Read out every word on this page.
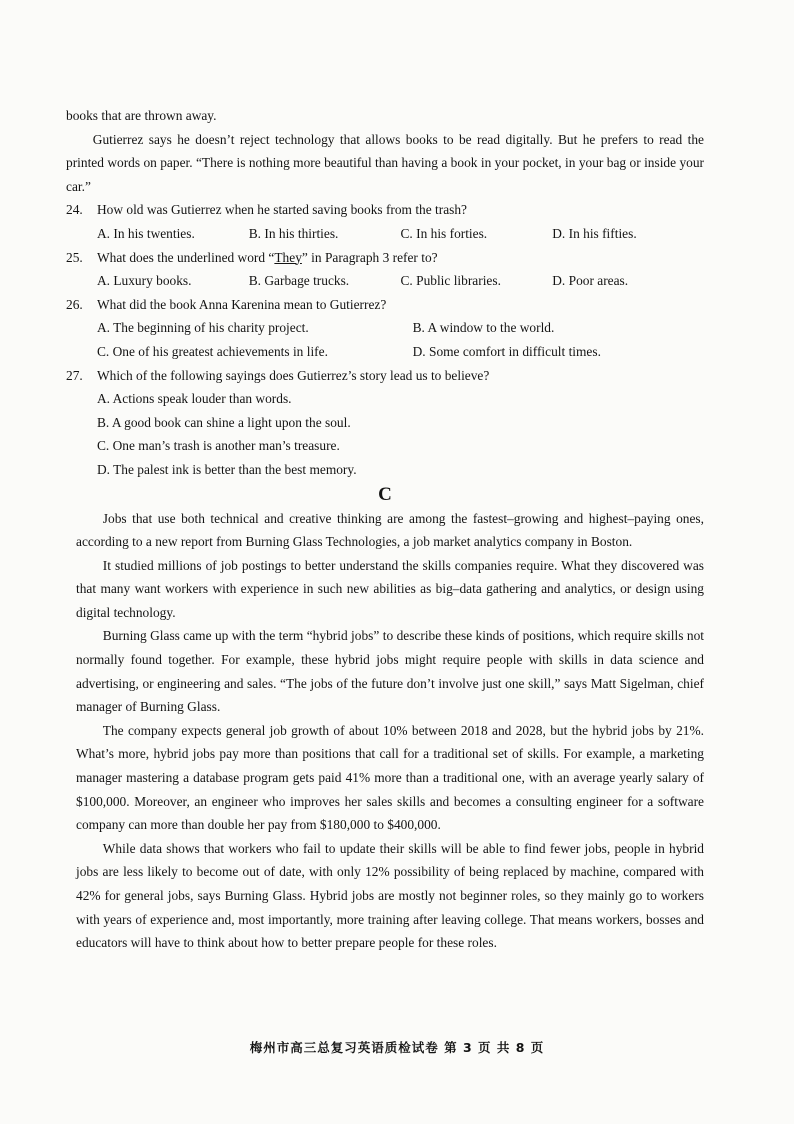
books that are thrown away.

Gutierrez says he doesn’t reject technology that allows books to be read digitally. But he prefers to read the printed words on paper. “There is nothing more beautiful than having a book in your pocket, in your bag or inside your car.”

24.	How old was Gutierrez when he started saving books from the trash?
A. In his twenties.	B. In his thirties.	C. In his forties.	D. In his fifties.
25.	What does the underlined word “They” in Paragraph 3 refer to?
A. Luxury books.	B. Garbage trucks.	C. Public libraries.	D. Poor areas.
26.	What did the book Anna Karenina mean to Gutierrez?
A. The beginning of his charity project.	B. A window to the world.
C. One of his greatest achievements in life.	D. Some comfort in difficult times.
27.	Which of the following sayings does Gutierrez’s story lead us to believe?
A. Actions speak louder than words.
B. A good book can shine a light upon the soul.
C. One man’s trash is another man’s treasure.
D. The palest ink is better than the best memory.
C

Jobs that use both technical and creative thinking are among the fastest–growing and highest–paying ones, according to a new report from Burning Glass Technologies, a job market analytics company in Boston.

It studied millions of job postings to better understand the skills companies require. What they discovered was that many want workers with experience in such new abilities as big–data gathering and analytics, or design using digital technology.

Burning Glass came up with the term “hybrid jobs” to describe these kinds of positions, which require skills not normally found together. For example, these hybrid jobs might require people with skills in data science and advertising, or engineering and sales. “The jobs of the future don’t involve just one skill,” says Matt Sigelman, chief manager of Burning Glass.

The company expects general job growth of about 10% between 2018 and 2028, but the hybrid jobs by 21%. What’s more, hybrid jobs pay more than positions that call for a traditional set of skills. For example, a marketing manager mastering a database program gets paid 41% more than a traditional one, with an average yearly salary of $100,000. Moreover, an engineer who improves her sales skills and becomes a consulting engineer for a software company can more than double her pay from $180,000 to $400,000.

While data shows that workers who fail to update their skills will be able to find fewer jobs, people in hybrid jobs are less likely to become out of date, with only 12% possibility of being replaced by machine, compared with 42% for general jobs, says Burning Glass. Hybrid jobs are mostly not beginner roles, so they mainly go to workers with years of experience and, most importantly, more training after leaving college. That means workers, bosses and educators will have to think about how to better prepare people for these roles.

梅州市高三总复习英语质检试卷 第 3 页 共 8 页
